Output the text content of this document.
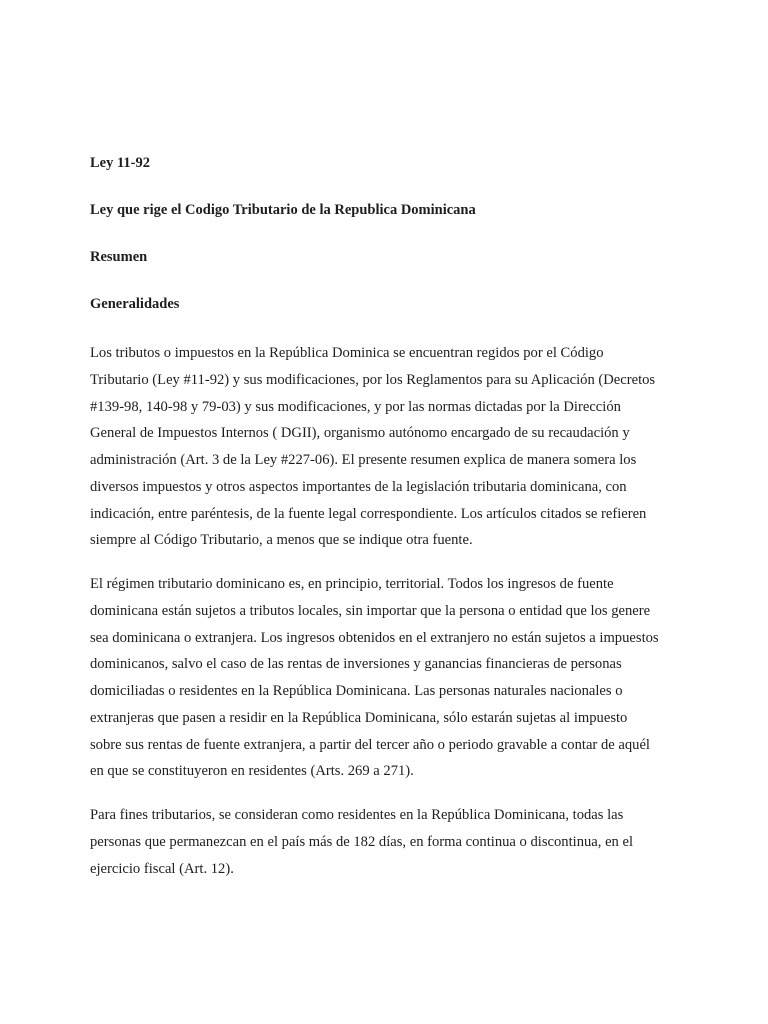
Ley 11-92
Ley que rige el Codigo Tributario de la Republica Dominicana
Resumen
Generalidades
Los tributos o impuestos en la República Dominica se encuentran regidos por el Código
Tributario (Ley #11-92) y sus modificaciones, por los Reglamentos para su Aplicación (Decretos
#139-98, 140-98 y 79-03) y sus modificaciones, y por las normas dictadas por la Dirección
General de Impuestos Internos ( DGII), organismo autónomo encargado de su recaudación y
administración (Art. 3 de la Ley #227-06). El presente resumen explica de manera somera los
diversos impuestos y otros aspectos importantes de la legislación tributaria dominicana, con
indicación, entre paréntesis, de la fuente legal correspondiente. Los artículos citados se refieren
siempre al Código Tributario, a menos que se indique otra fuente.
El régimen tributario dominicano es, en principio, territorial. Todos los ingresos de fuente
dominicana están sujetos a tributos locales, sin importar que la persona o entidad que los genere
sea dominicana o extranjera. Los ingresos obtenidos en el extranjero no están sujetos a impuestos
dominicanos, salvo el caso de las rentas de inversiones y ganancias financieras de personas
domiciliadas o residentes en la República Dominicana. Las personas naturales nacionales o
extranjeras que pasen a residir en la República Dominicana, sólo estarán sujetas al impuesto
sobre sus rentas de fuente extranjera, a partir del tercer año o periodo gravable a contar de aquél
en que se constituyeron en residentes (Arts. 269 a 271).
Para fines tributarios, se consideran como residentes en la República Dominicana, todas las
personas que permanezcan en el país más de 182 días, en forma continua o discontinua, en el
ejercicio fiscal (Art. 12).
